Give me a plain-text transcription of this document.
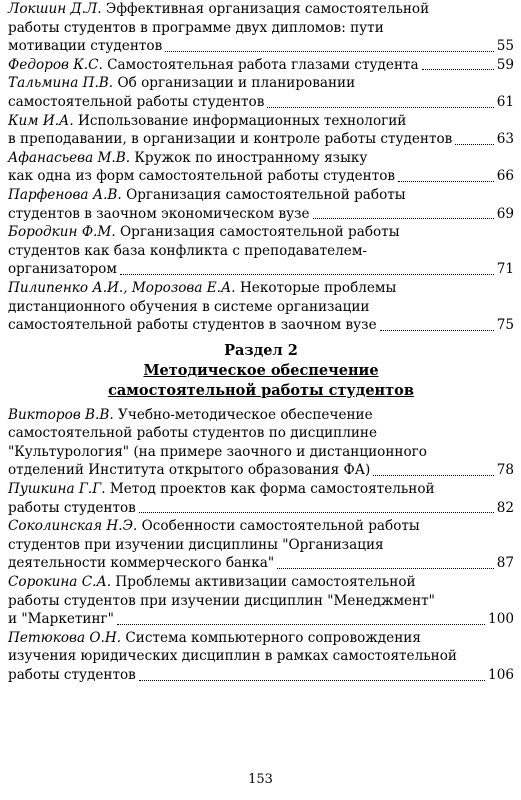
Локшин Д.Л. Эффективная организация самостоятельной
работы студентов в программе двух дипломов: пути
мотивации студентов	55
Федоров К.С. Самостоятельная работа глазами студента	59
Тальмина П.В. Об организации и планировании
самостоятельной работы студентов	61
Ким И.А. Использование информационных технологий
в преподавании, в организации и контроле работы студентов	63
Афанасьева М.В. Кружок по иностранному языку
как одна из форм самостоятельной работы студентов	66
Парфенова А.В. Организация самостоятельной работы
студентов в заочном экономическом вузе	69
Бородкин Ф.М. Организация самостоятельной работы
студентов как база конфликта с преподавателем-
организатором	71
Пилипенко А.И., Морозова Е.А. Некоторые проблемы
дистанционного обучения в системе организации
самостоятельной работы студентов в заочном вузе	75

Раздел 2

Методическое обеспечение

самостоятельной работы студентов

Викторов В.В. Учебно-методическое обеспечение
самостоятельной работы студентов по дисциплине
"Культурология" (на примере заочного и дистанционного
отделений Института открытого образования ФА)	78
Пушкина Г.Г. Метод проектов как форма самостоятельной
работы студентов	82
Соколинская Н.Э. Особенности самостоятельной работы
студентов при изучении дисциплины "Организация
деятельности коммерческого банка"	87
Сорокина С.А. Проблемы активизации самостоятельной
работы студентов при изучении дисциплин "Менеджмент"
и "Маркетинг"	100
Петюкова О.Н. Система компьютерного сопровождения
изучения юридических дисциплин в рамках самостоятельной
работы студентов	106
153
